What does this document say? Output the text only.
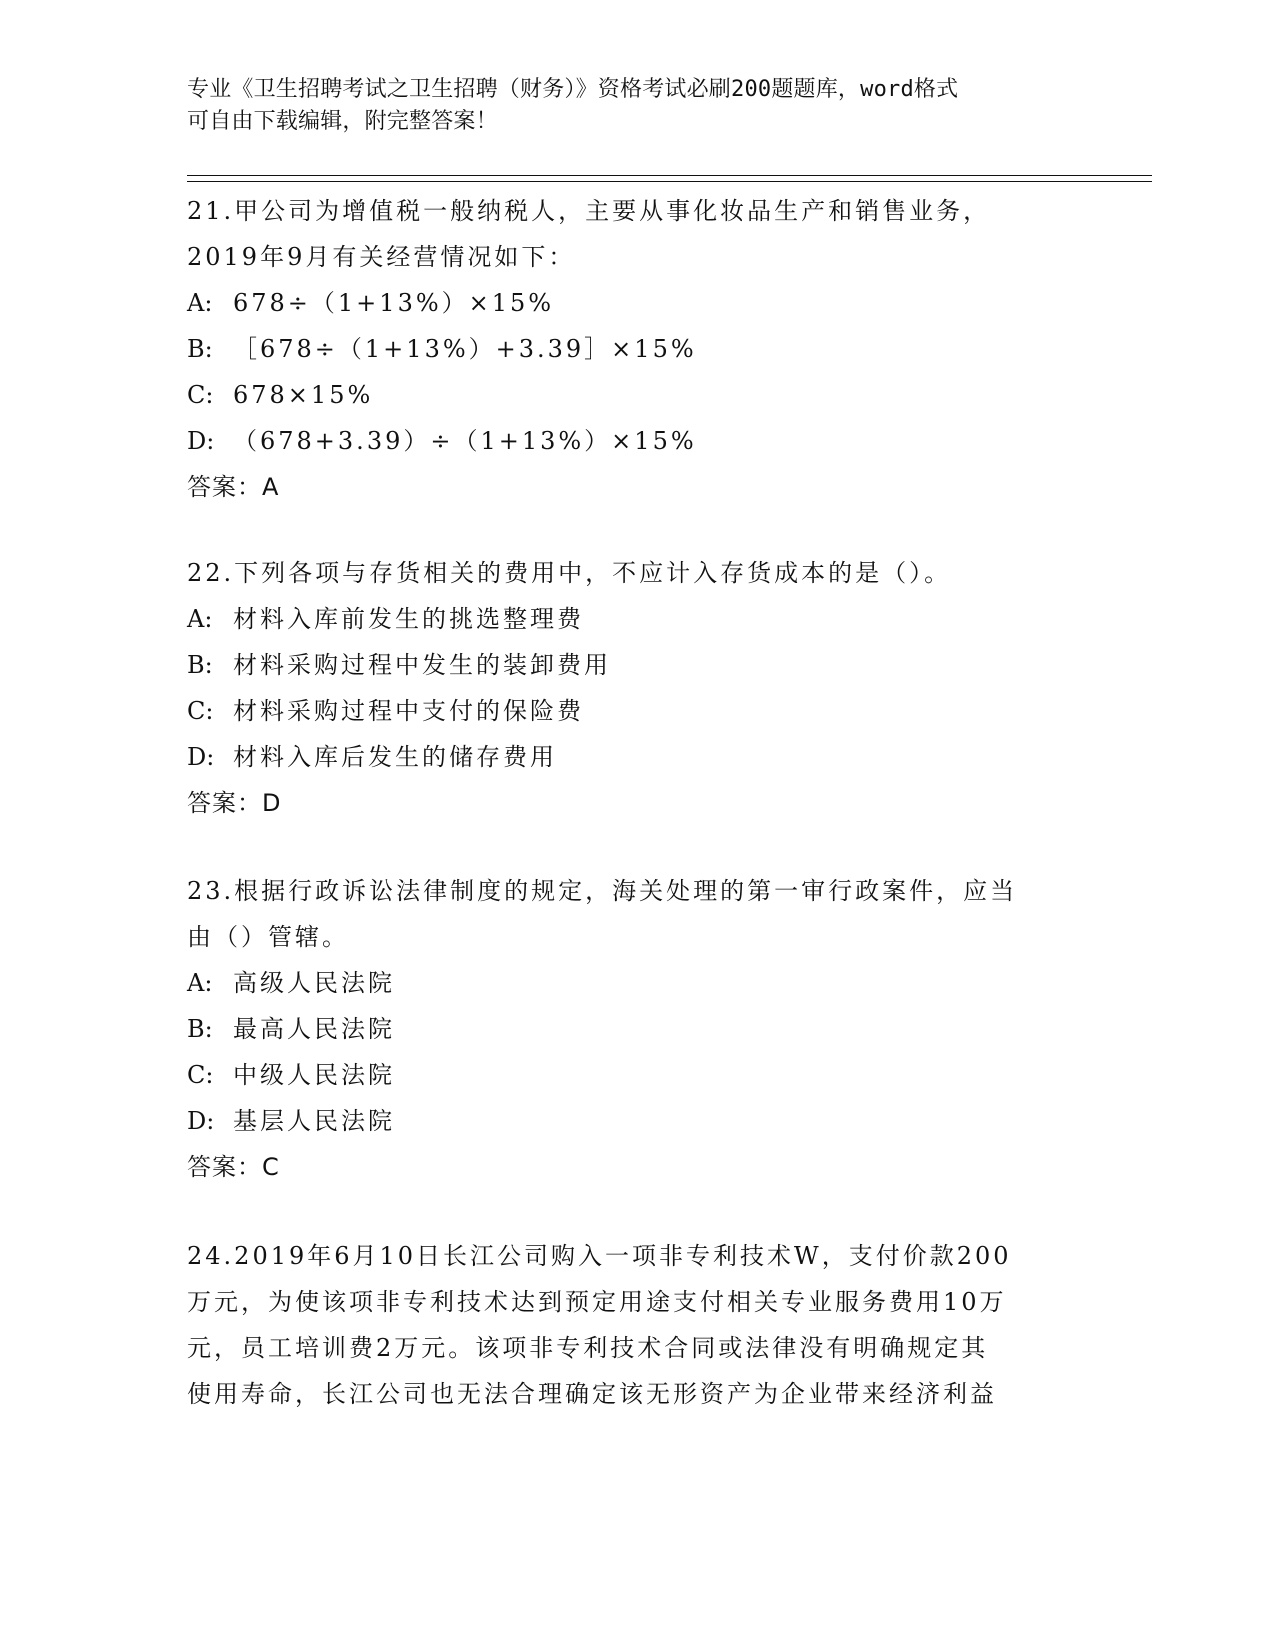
专业《卫生招聘考试之卫生招聘（财务）》资格考试必刷200题题库，word格式
可自由下载编辑，附完整答案！
21.甲公司为增值税一般纳税人，主要从事化妆品生产和销售业务，
2019年9月有关经营情况如下：
A: 678÷（1+13%）×15%
B: ［678÷（1+13%）+3.39］×15%
C: 678×15%
D: （678+3.39）÷（1+13%）×15%
答案：A
22.下列各项与存货相关的费用中，不应计入存货成本的是（）。
A: 材料入库前发生的挑选整理费
B: 材料采购过程中发生的装卸费用
C: 材料采购过程中支付的保险费
D: 材料入库后发生的储存费用
答案：D
23.根据行政诉讼法律制度的规定，海关处理的第一审行政案件，应当
由（）管辖。
A: 高级人民法院
B: 最高人民法院
C: 中级人民法院
D: 基层人民法院
答案：C
24.2019年6月10日长江公司购入一项非专利技术W，支付价款200
万元，为使该项非专利技术达到预定用途支付相关专业服务费用10万
元，员工培训费2万元。该项非专利技术合同或法律没有明确规定其
使用寿命，长江公司也无法合理确定该无形资产为企业带来经济利益
